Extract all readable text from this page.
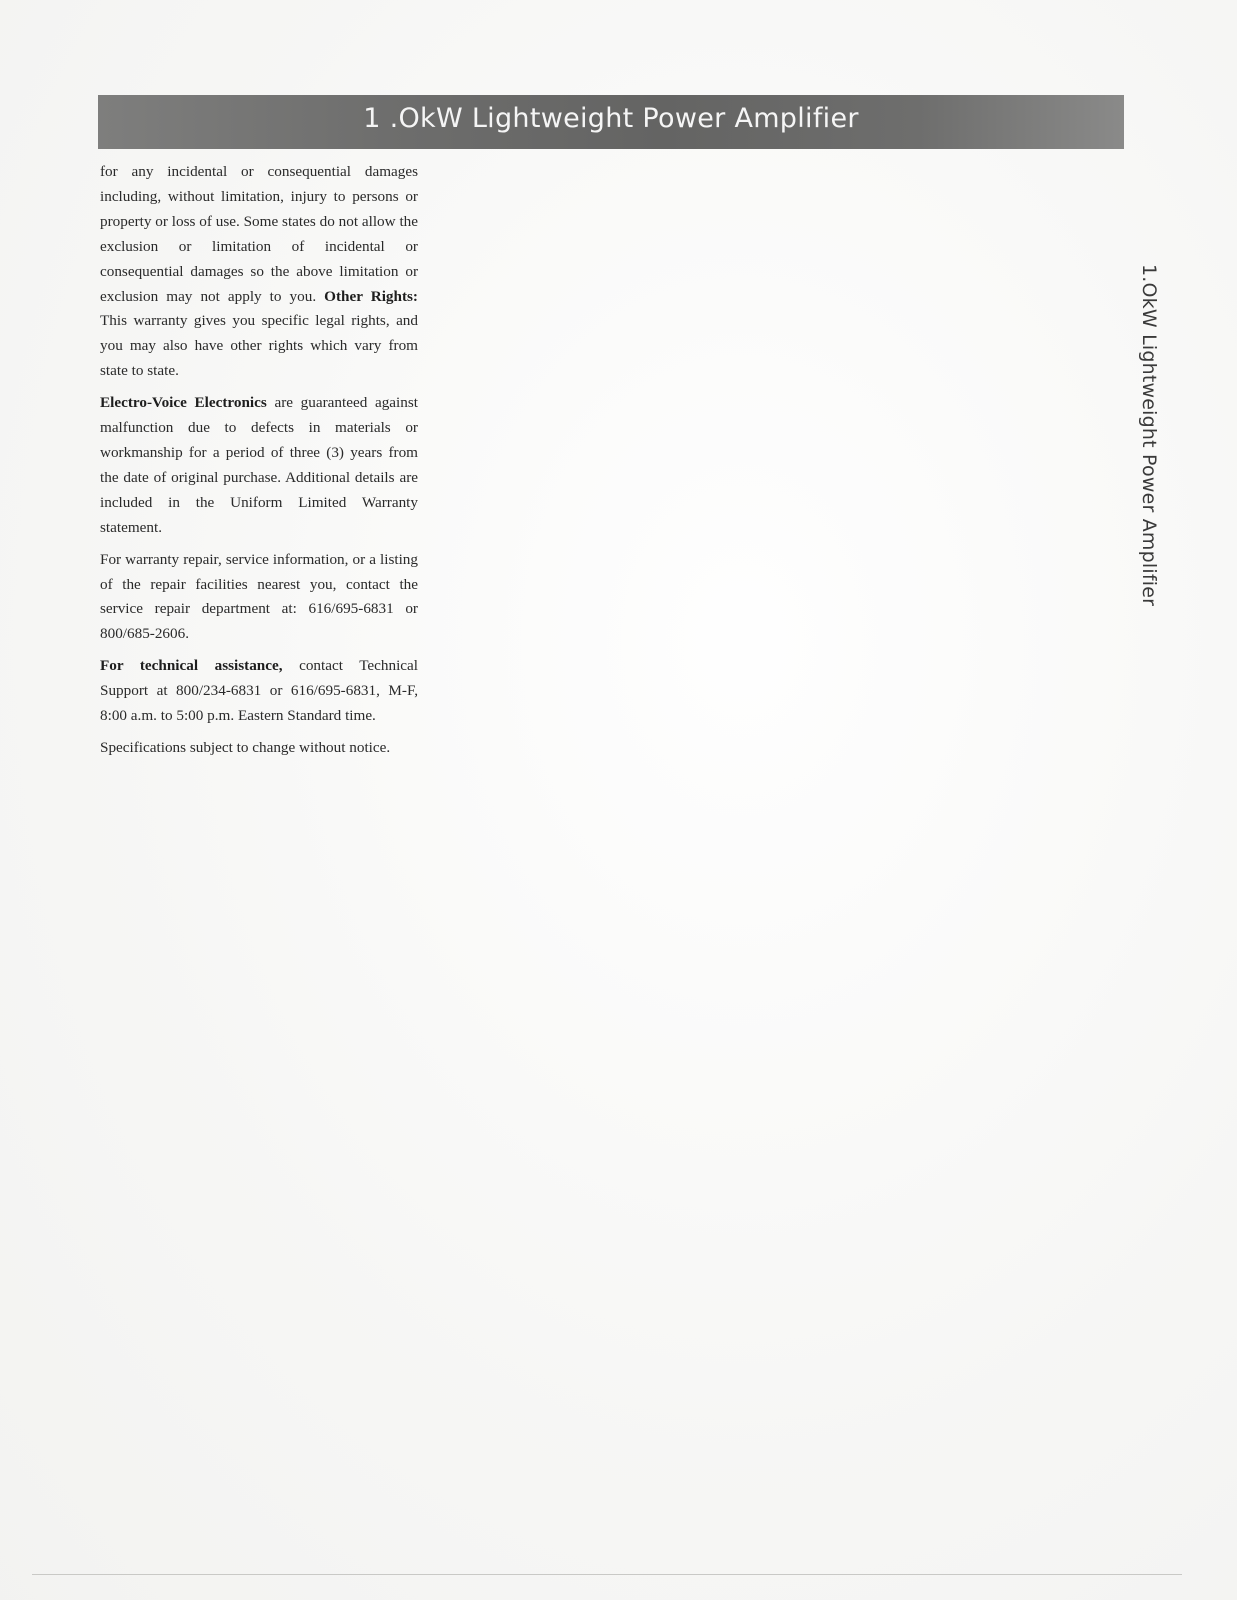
1 .OkW Lightweight Power Amplifier
1.OkW Lightweight Power Amplifier

for any incidental or consequential damages including, without limitation, injury to persons or property or loss of use. Some states do not allow the exclusion or limitation of incidental or consequential damages so the above limitation or exclusion may not apply to you. Other Rights: This warranty gives you specific legal rights, and you may also have other rights which vary from state to state.

Electro-Voice Electronics are guaranteed against malfunction due to defects in materials or workmanship for a period of three (3) years from the date of original purchase. Additional details are included in the Uniform Limited Warranty statement.

For warranty repair, service information, or a listing of the repair facilities nearest you, contact the service repair department at: 616/695-6831 or 800/685-2606.

For technical assistance, contact Technical Support at 800/234-6831 or 616/695-6831, M-F, 8:00 a.m. to 5:00 p.m. Eastern Standard time.

Specifications subject to change without notice.
